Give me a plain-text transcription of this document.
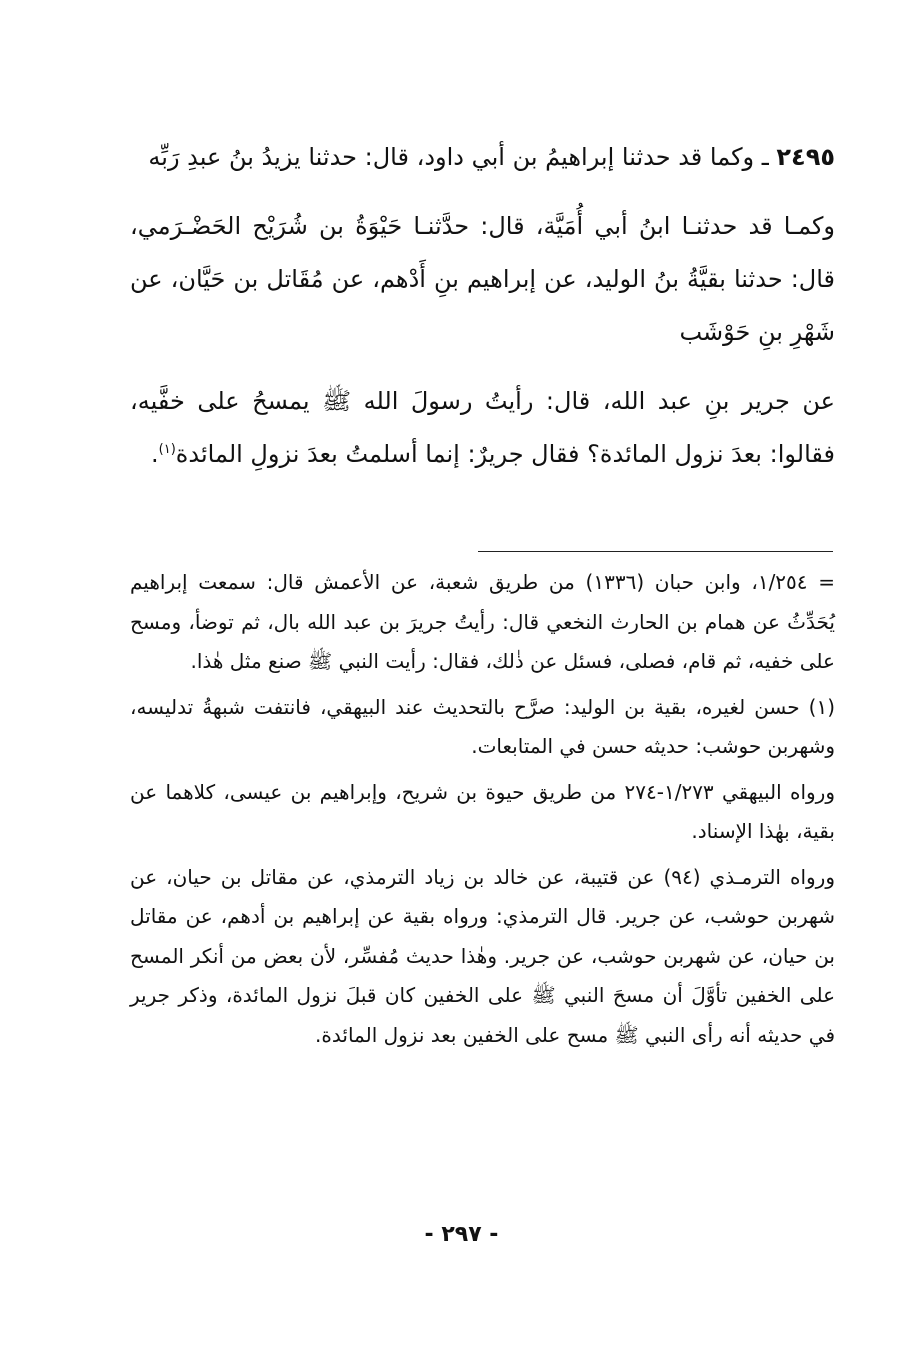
٢٤٩٥ ـ وكما قد حدثنا إبراهيمُ بن أبي داود، قال: حدثنا يزيدُ بنُ عبدِ رَبِّه

وكمـا قد حدثنـا ابنُ أبي أُمَيَّة، قال: حدَّثنـا حَيْوَةُ بن شُرَيْح الحَضْـرَمي، قال: حدثنا بقيَّةُ بنُ الوليد، عن إبراهيم بنِ أَدْهم، عن مُقَاتل بن حَيَّان، عن شَهْرِ بنِ حَوْشَب

عن جرير بنِ عبد الله، قال: رأيتُ رسولَ الله ﷺ يمسحُ على خفَّيه، فقالوا: بعدَ نزول المائدة؟ فقال جريرٌ: إنما أسلمتُ بعدَ نزولِ المائدة$^{(١)}$.

= ١/٢٥٤، وابن حبان (١٣٣٦) من طريق شعبة، عن الأعمش قال: سمعت إبراهيم يُحَدِّثُ عن همام بن الحارث النخعي قال: رأيتُ جريرَ بن عبد الله بال، ثم توضأ، ومسح على خفيه، ثم قام، فصلى، فسئل عن ذٰلك، فقال: رأيت النبي ﷺ صنع مثل هٰذا.

(١) حسن لغيره، بقية بن الوليد: صرَّح بالتحديث عند البيهقي، فانتفت شبهةُ تدليسه، وشهربن حوشب: حديثه حسن في المتابعات.

ورواه البيهقي ١/٢٧٣-٢٧٤ من طريق حيوة بن شريح، وإبراهيم بن عيسى، كلاهما عن بقية، بهٰذا الإسناد.

ورواه الترمـذي (٩٤) عن قتيبة، عن خالد بن زياد الترمذي، عن مقاتل بن حيان، عن شهربن حوشب، عن جرير. قال الترمذي: ورواه بقية عن إبراهيم بن أدهم، عن مقاتل بن حيان، عن شهربن حوشب، عن جرير. وهٰذا حديث مُفسِّر، لأن بعض من أنكر المسح على الخفين تأوَّلَ أن مسحَ النبي ﷺ على الخفين كان قبلَ نزول المائدة، وذكر جرير في حديثه أنه رأى النبي ﷺ مسح على الخفين بعد نزول المائدة.

- ٢٩٧ -
